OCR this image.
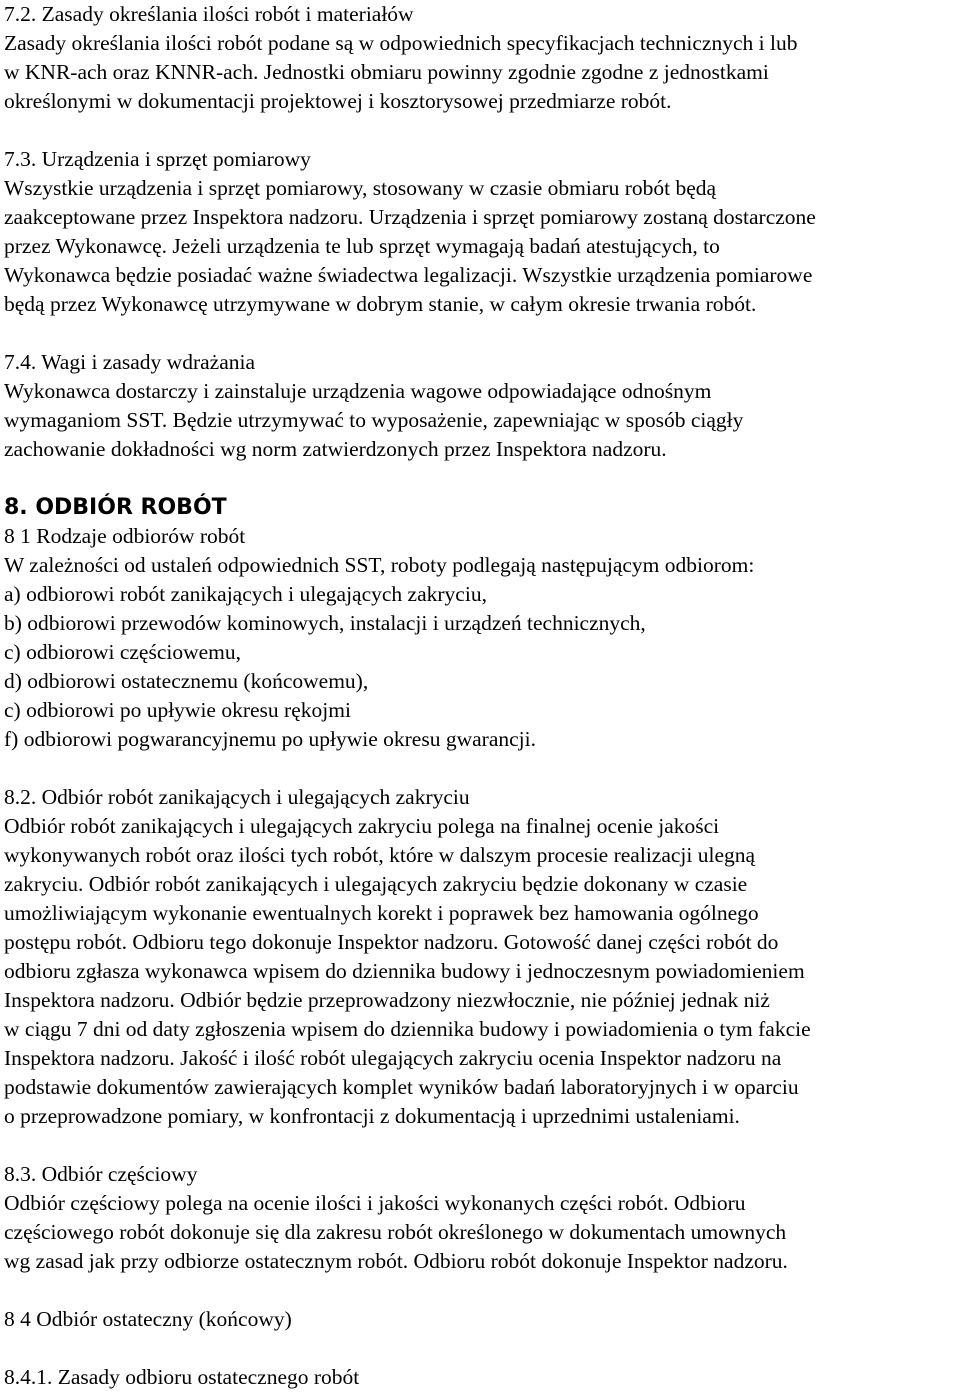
7.2. Zasady określania ilości robót i materiałów

Zasady określania ilości robót podane są w odpowiednich specyfikacjach technicznych i lub

w KNR-ach oraz KNNR-ach. Jednostki obmiaru powinny zgodnie zgodne z jednostkami

określonymi w dokumentacji projektowej i kosztorysowej przedmiarze robót.

7.3. Urządzenia i sprzęt pomiarowy

Wszystkie urządzenia i sprzęt pomiarowy, stosowany w czasie obmiaru robót będą

zaakceptowane przez Inspektora nadzoru. Urządzenia i sprzęt pomiarowy zostaną dostarczone

przez Wykonawcę. Jeżeli urządzenia te lub sprzęt wymagają badań atestujących, to

Wykonawca będzie posiadać ważne świadectwa legalizacji. Wszystkie urządzenia pomiarowe

będą przez Wykonawcę utrzymywane w dobrym stanie, w całym okresie trwania robót.

7.4. Wagi i zasady wdrażania

Wykonawca dostarczy i zainstaluje urządzenia wagowe odpowiadające odnośnym

wymaganiom SST. Będzie utrzymywać to wyposażenie, zapewniając w sposób ciągły

zachowanie dokładności wg norm zatwierdzonych przez Inspektora nadzoru.

8. ODBIÓR ROBÓT

8 1 Rodzaje odbiorów robót

W zależności od ustaleń odpowiednich SST, roboty podlegają następującym odbiorom:

a) odbiorowi robót zanikających i ulegających zakryciu,

b) odbiorowi przewodów kominowych, instalacji i urządzeń technicznych,

c) odbiorowi częściowemu,

d) odbiorowi ostatecznemu (końcowemu),

c) odbiorowi po upływie okresu rękojmi

f) odbiorowi pogwarancyjnemu po upływie okresu gwarancji.

8.2. Odbiór robót zanikających i ulegających zakryciu

Odbiór robót zanikających i ulegających zakryciu polega na finalnej ocenie jakości

wykonywanych robót oraz ilości tych robót, które w dalszym procesie realizacji ulegną

zakryciu. Odbiór robót zanikających i ulegających zakryciu będzie dokonany w czasie

umożliwiającym wykonanie ewentualnych korekt i poprawek bez hamowania ogólnego

postępu robót. Odbioru tego dokonuje Inspektor nadzoru. Gotowość danej części robót do

odbioru zgłasza wykonawca wpisem do dziennika budowy i jednoczesnym powiadomieniem

Inspektora nadzoru. Odbiór będzie przeprowadzony niezwłocznie, nie później jednak niż

w ciągu 7 dni od daty zgłoszenia wpisem do dziennika budowy i powiadomienia o tym fakcie

Inspektora nadzoru. Jakość i ilość robót ulegających zakryciu ocenia Inspektor nadzoru na

podstawie dokumentów zawierających komplet wyników badań laboratoryjnych i w oparciu

o przeprowadzone pomiary, w konfrontacji z dokumentacją i uprzednimi ustaleniami.

8.3. Odbiór częściowy

Odbiór częściowy polega na ocenie ilości i jakości wykonanych części robót. Odbioru

częściowego robót dokonuje się dla zakresu robót określonego w dokumentach umownych

wg zasad jak przy odbiorze ostatecznym robót. Odbioru robót dokonuje Inspektor nadzoru.

8 4 Odbiór ostateczny (końcowy)

8.4.1. Zasady odbioru ostatecznego robót
